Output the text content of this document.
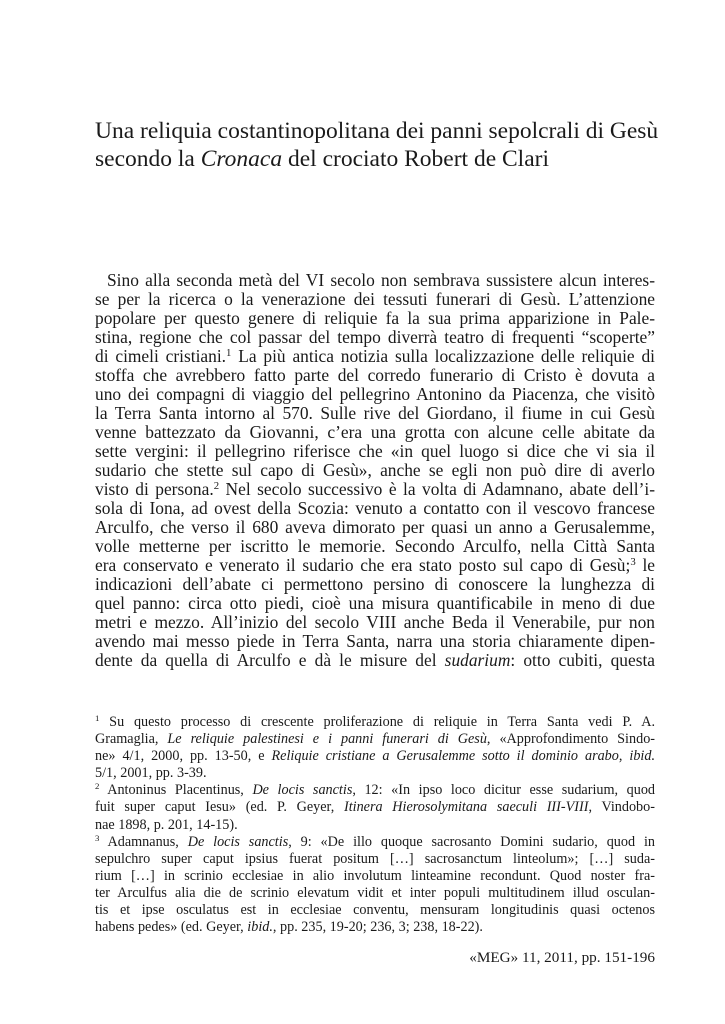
Una reliquia costantinopolitana dei panni sepolcrali di Gesù
secondo la Cronaca del crociato Robert de Clari
Sino alla seconda metà del VI secolo non sembrava sussistere alcun interes-
se per la ricerca o la venerazione dei tessuti funerari di Gesù. L’attenzione
popolare per questo genere di reliquie fa la sua prima apparizione in Pale-
stina, regione che col passar del tempo diverrà teatro di frequenti “scoperte”
di cimeli cristiani.$^1$ La più antica notizia sulla localizzazione delle reliquie di
stoffa che avrebbero fatto parte del corredo funerario di Cristo è dovuta a
uno dei compagni di viaggio del pellegrino Antonino da Piacenza, che visitò
la Terra Santa intorno al 570. Sulle rive del Giordano, il fiume in cui Gesù
venne battezzato da Giovanni, c’era una grotta con alcune celle abitate da
sette vergini: il pellegrino riferisce che «in quel luogo si dice che vi sia il
sudario che stette sul capo di Gesù», anche se egli non può dire di averlo
visto di persona.$^2$ Nel secolo successivo è la volta di Adamnano, abate dell’i-
sola di Iona, ad ovest della Scozia: venuto a contatto con il vescovo francese
Arculfo, che verso il 680 aveva dimorato per quasi un anno a Gerusalemme,
volle metterne per iscritto le memorie. Secondo Arculfo, nella Città Santa
era conservato e venerato il sudario che era stato posto sul capo di Gesù;$^3$ le
indicazioni dell’abate ci permettono persino di conoscere la lunghezza di
quel panno: circa otto piedi, cioè una misura quantificabile in meno di due
metri e mezzo. All’inizio del secolo VIII anche Beda il Venerabile, pur non
avendo mai messo piede in Terra Santa, narra una storia chiaramente dipen-
dente da quella di Arculfo e dà le misure del sudarium: otto cubiti, questa
$^1$ Su questo processo di crescente proliferazione di reliquie in Terra Santa vedi P. A.
Gramaglia, Le reliquie palestinesi e i panni funerari di Gesù, «Approfondimento Sindo-
ne» 4/1, 2000, pp. 13-50, e Reliquie cristiane a Gerusalemme sotto il dominio arabo, ibid.
5/1, 2001, pp. 3-39.
$^2$ Antoninus Placentinus, De locis sanctis, 12: «In ipso loco dicitur esse sudarium, quod
fuit super caput Iesu» (ed. P. Geyer, Itinera Hierosolymitana saeculi III-VIII, Vindobo-
nae 1898, p. 201, 14-15).
$^3$ Adamnanus, De locis sanctis, 9: «De illo quoque sacrosanto Domini sudario, quod in
sepulchro super caput ipsius fuerat positum […] sacrosanctum linteolum»; […] suda-
rium […] in scrinio ecclesiae in alio involutum linteamine recondunt. Quod noster fra-
ter Arculfus alia die de scrinio elevatum vidit et inter populi multitudinem illud osculan-
tis et ipse osculatus est in ecclesiae conventu, mensuram longitudinis quasi octenos
habens pedes» (ed. Geyer, ibid., pp. 235, 19-20; 236, 3; 238, 18-22).
«MEG» 11, 2011, pp. 151-196
